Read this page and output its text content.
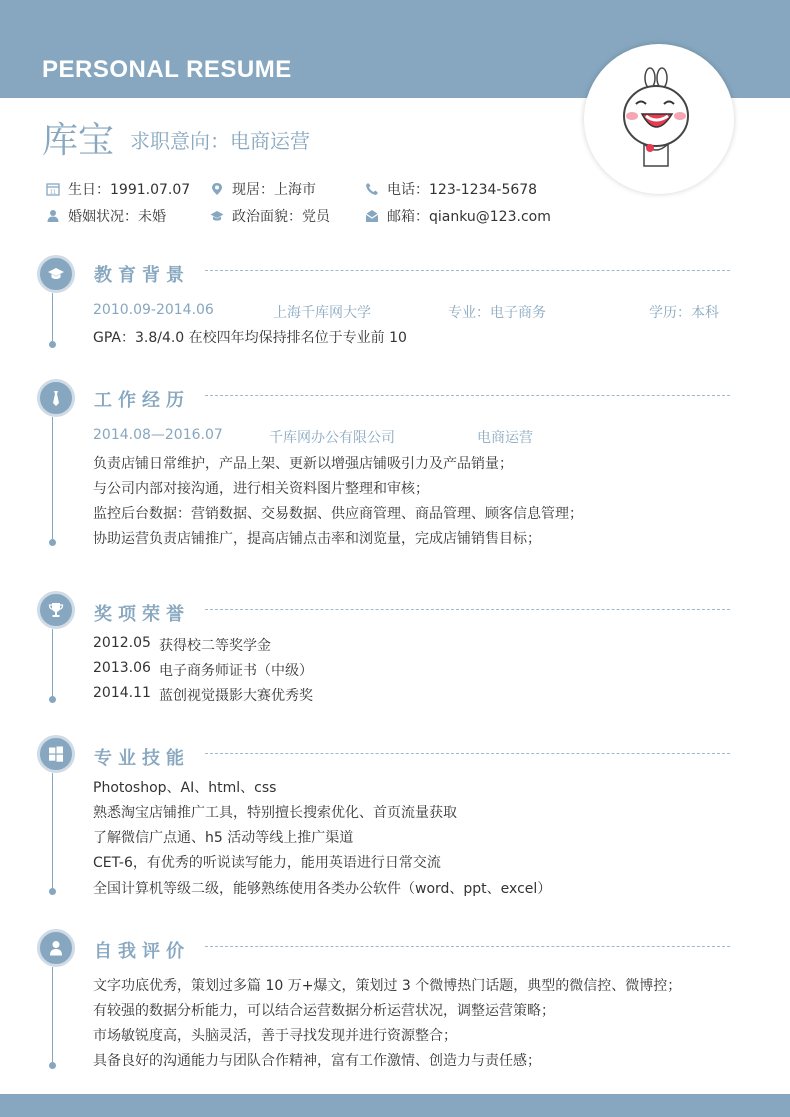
PERSONAL RESUME
库宝 求职意向：电商运营
11 生日：1991.07.07	现居：上海市	电话：123-1234-5678
婚姻状况：未婚	政治面貌：党员	邮箱：qianku@123.com
教育背景
2010.09-2014.06	上海千库网大学	专业：电子商务	学历：本科
GPA：3.8/4.0 在校四年均保持排名位于专业前 10
工作经历
2014.08—2016.07	千库网办公有限公司	电商运营
负责店铺日常维护，产品上架、更新以增强店铺吸引力及产品销量；
与公司内部对接沟通，进行相关资料图片整理和审核；
监控后台数据：营销数据、交易数据、供应商管理、商品管理、顾客信息管理；
协助运营负责店铺推广，提高店铺点击率和浏览量，完成店铺销售目标；
奖项荣誉
2012.05 获得校二等奖学金
2013.06 电子商务师证书（中级）
2014.11 蓝创视觉摄影大赛优秀奖
专业技能
Photoshop、AI、html、css
熟悉淘宝店铺推广工具，特别擅长搜索优化、首页流量获取
了解微信广点通、h5 活动等线上推广渠道
CET-6，有优秀的听说读写能力，能用英语进行日常交流
全国计算机等级二级，能够熟练使用各类办公软件（word、ppt、excel）
自我评价
文字功底优秀，策划过多篇 10 万+爆文，策划过 3 个微博热门话题，典型的微信控、微博控；
有较强的数据分析能力，可以结合运营数据分析运营状况，调整运营策略；
市场敏锐度高，头脑灵活，善于寻找发现并进行资源整合；
具备良好的沟通能力与团队合作精神，富有工作激情、创造力与责任感；
